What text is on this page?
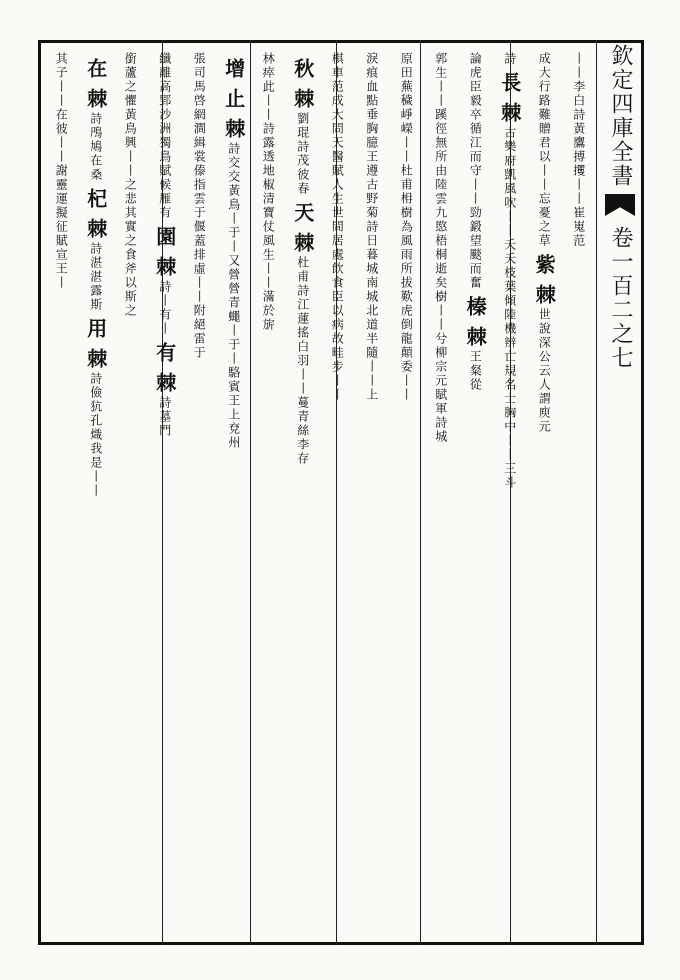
欽定四庫全書
卷一百二之七
丨丨李白詩黃鷹搏攫丨丨崔嵬范
成大行路難贈君以丨丨忘憂之草
紫
棘
世說深公云人謂庾元
詩
長
棘
古樂府凱風吹丨丨夭夭枝葉傾陸機辨亡
規名士胸中丨丨三斗
論虎臣毅卒循江而守丨丨勁鍛望颷而奮
榛
棘
王粲從
郭生丨丨蹊徑無所由陸雲九愍梧桐逝矣樹丨丨兮柳宗元賦
軍詩城
原田蕪穢崢嶸丨丨杜甫枏樹為風雨所拔歎虎倒龍顛委丨丨
淚痕血點垂胸臆王遵古野菊詩日暮城南城北道半隨丨丨上
棋車范成大問天醫賦人生世間居處飲食臣以病故畦步丨丨
秋
棘
劉琨詩茂彼春
天
棘
杜甫詩江蓮搖白羽丨丨蔓青絲李存
林瘁此丨丨
詩露透地椒清寶仗風生丨丨滿於旂
增
止
棘
詩交交黃鳥丨于丨又營營青蠅丨于丨駱賓王上兗州
張司馬啓網澗緝裳傣指雲于偃蓋排虛丨丨附絕雷于
纖離高郢沙洲獨鳥賦候雁有
園
棘
詩丨有丨
有
棘
詩墓門
銜蘆之懼黃鳥興丨丨之悲
其實之食
斧以斯之
在
棘
詩鳲鳩在桑
杞
棘
詩湛湛露斯
用
棘
詩儉犺孔熾我是丨丨
其子丨丨
在彼丨丨
謝靈運擬征賦宣王丨
